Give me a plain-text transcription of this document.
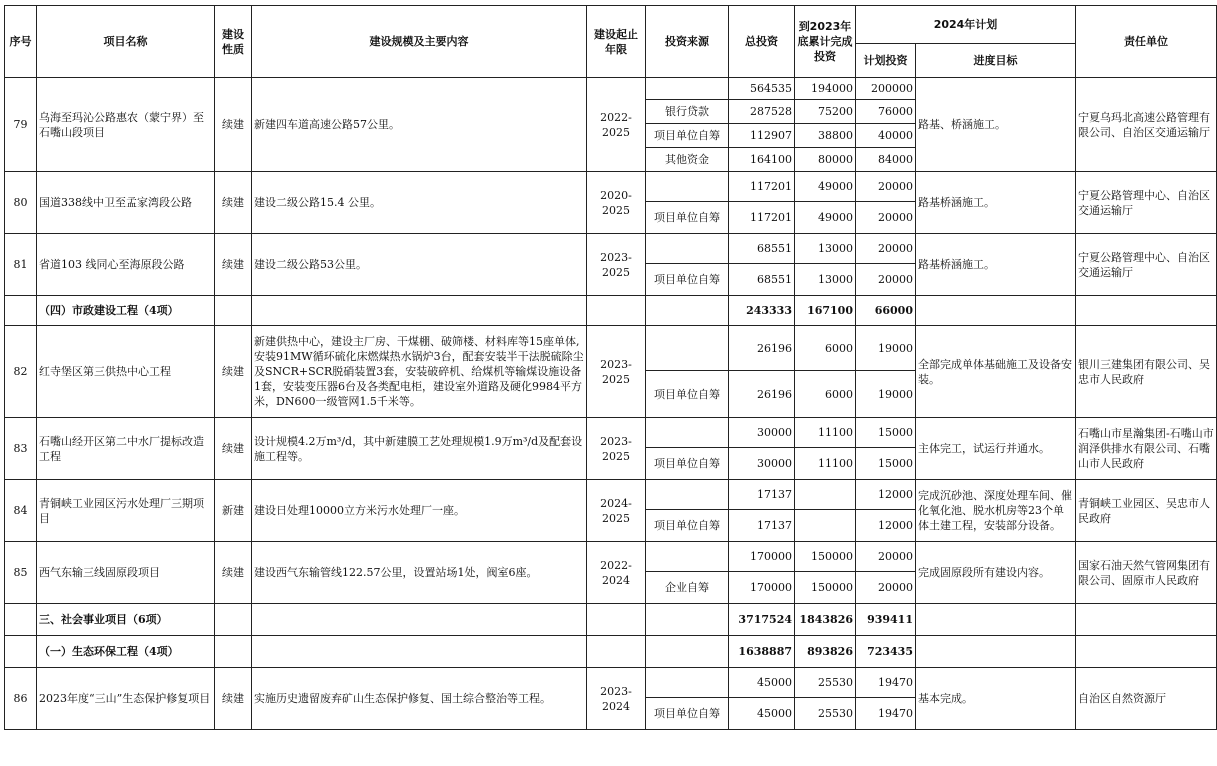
序号	项目名称	建设性质	建设规模及主要内容	建设起止年限	投资来源	总投资	到2023年底累计完成投资	2024年计划		责任单位
								计划投资	进度目标	
79	乌海至玛沁公路惠农（蒙宁界）至石嘴山段项目	续建	新建四车道高速公路57公里。	2022-2025		564535	194000	200000	路基、桥涵施工。	宁夏乌玛北高速公路管理有限公司、自治区交通运输厅
					银行贷款	287528	75200	76000		
					项目单位自筹	112907	38800	40000		
					其他资金	164100	80000	84000		
80	国道338线中卫至孟家湾段公路	续建	建设二级公路15.4 公里。	2020-2025		117201	49000	20000	路基桥涵施工。	宁夏公路管理中心、自治区交通运输厅
					项目单位自筹	117201	49000	20000		
81	省道103 线同心至海原段公路	续建	建设二级公路53公里。	2023-2025		68551	13000	20000	路基桥涵施工。	宁夏公路管理中心、自治区交通运输厅
					项目单位自筹	68551	13000	20000		
	（四）市政建设工程（4项）					243333	167100	66000		
82	红寺堡区第三供热中心工程	续建	新建供热中心，建设主厂房、干煤棚、破筛楼、材料库等15座单体,安装91MW循环硫化床燃煤热水锅炉3台，配套安装半干法脱硫除尘及SNCR+SCR脱硝装置3套，安装破碎机、给煤机等输煤设施设备1套，安装变压器6台及各类配电柜，建设室外道路及硬化9984平方米，DN600一级管网1.5千米等。	2023-2025		26196	6000	19000	全部完成单体基础施工及设备安装。	银川三建集团有限公司、吴忠市人民政府
					项目单位自筹	26196	6000	19000		
83	石嘴山经开区第二中水厂提标改造工程	续建	设计规模4.2万m³/d，其中新建膜工艺处理规模1.9万m³/d及配套设施工程等。	2023-2025		30000	11100	15000	主体完工，试运行并通水。	石嘴山市星瀚集团-石嘴山市润泽供排水有限公司、石嘴山市人民政府
					项目单位自筹	30000	11100	15000		
84	青铜峡工业园区污水处理厂三期项目	新建	建设日处理10000立方米污水处理厂一座。	2024-2025		17137		12000	完成沉砂池、深度处理车间、催化氧化池、脱水机房等23个单体土建工程，安装部分设备。	青铜峡工业园区、吴忠市人民政府
					项目单位自筹	17137		12000		
85	西气东输三线固原段项目	续建	建设西气东输管线122.57公里，设置站场1处，阀室6座。	2022-2024		170000	150000	20000	完成固原段所有建设内容。	国家石油天然气管网集团有限公司、固原市人民政府
					企业自筹	170000	150000	20000		
	三、社会事业项目（6项）					3717524	1843826	939411		
	（一）生态环保工程（4项）					1638887	893826	723435		
86	2023年度“三山”生态保护修复项目	续建	实施历史遗留废弃矿山生态保护修复、国土综合整治等工程。	2023-2024		45000	25530	19470	基本完成。	自治区自然资源厅
					项目单位自筹	45000	25530	19470		
